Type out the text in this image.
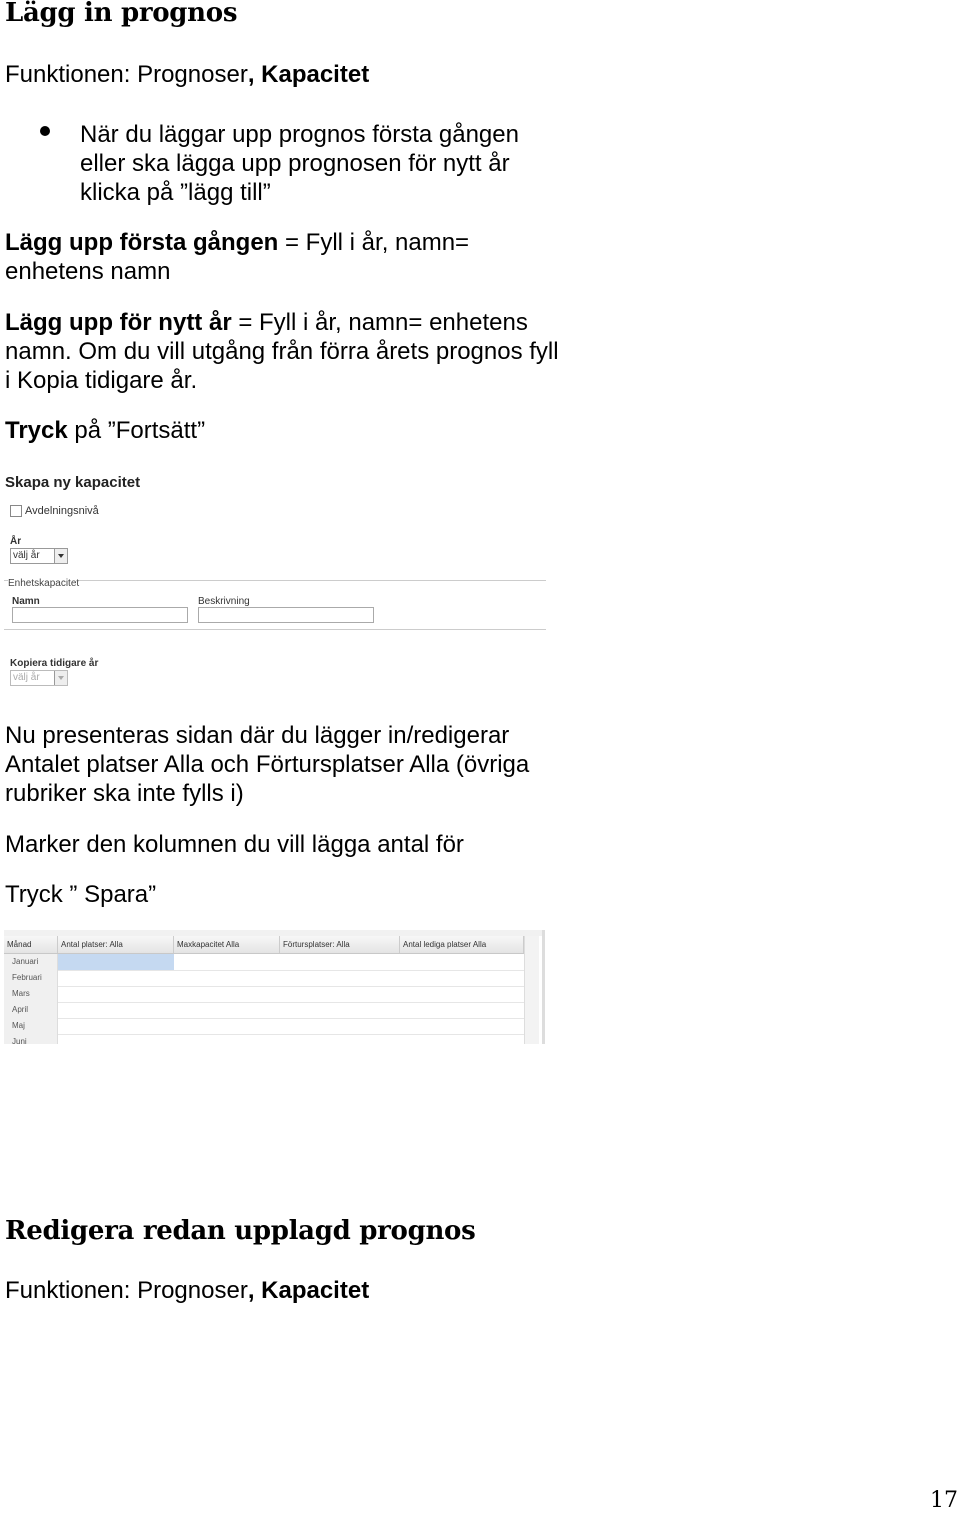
Lägg in prognos
Funktionen: Prognoser, Kapacitet
När du läggar upp prognos första gången eller ska lägga upp prognosen för nytt år klicka på ”lägg till”
Lägg upp första gången = Fyll i år, namn= enhetens namn
Lägg upp för nytt år = Fyll i år, namn= enhetens namn. Om du vill utgång från förra årets prognos fyll i Kopia tidigare år.
Tryck på ”Fortsätt”
Skapa ny kapacitet
Avdelningsnivå
År
välj år
Enhetskapacitet
Namn	Beskrivning
Kopiera tidigare år
välj år
Nu presenteras sidan där du lägger in/redigerar Antalet platser Alla och Förtursplatser Alla (övriga rubriker ska inte fylls i)
Marker den kolumnen du vill lägga antal för
Tryck ” Spara”
Månad	Antal platser: Alla	Maxkapacitet Alla	Förtursplatser: Alla	Antal lediga platser Alla
Januari
Februari
Mars
April
Maj
Juni
Redigera redan upplagd prognos
Funktionen: Prognoser, Kapacitet
17
